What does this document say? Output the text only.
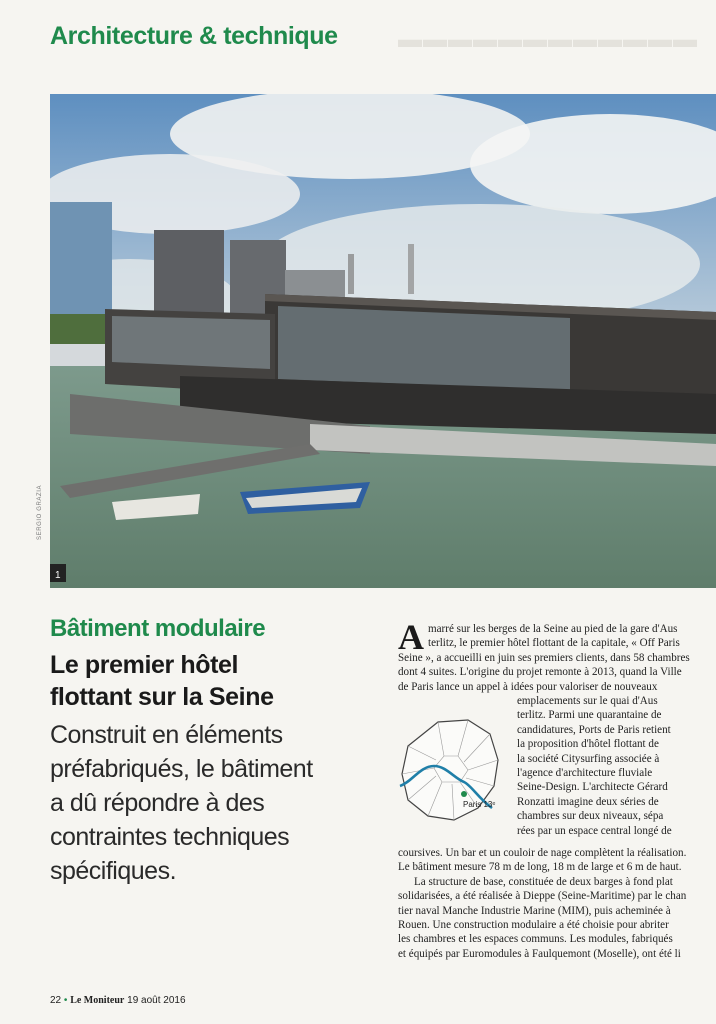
Architecture & technique	▬▬▬▬▬▬▬▬▬▬▬▬
1
SERGIO GRAZIA
Bâtiment modulaire
Le premier hôtel
flottant sur la Seine
Construit en éléments
préfabriqués, le bâtiment
a dû répondre à des
contraintes techniques
spécifiques.
A marré sur les berges de la Seine au pied de la gare d'Aus
terlitz, le premier hôtel flottant de la capitale, « Off Paris
Seine », a accueilli en juin ses premiers clients, dans 58 chambres
dont 4 suites. L'origine du projet remonte à 2013, quand la Ville
de Paris lance un appel à idées pour valoriser de nouveaux
emplacements sur le quai d'Aus
terlitz. Parmi une quarantaine de
candidatures, Ports de Paris retient
la proposition d'hôtel flottant de
la société Citysurfing associée à
l'agence d'architecture fluviale
Seine-Design. L'architecte Gérard
Ronzatti imagine deux séries de
chambres sur deux niveaux, sépa
rées par un espace central longé de
Paris 13ᵉ
coursives. Un bar et un couloir de nage complètent la réalisation.
Le bâtiment mesure 78 m de long, 18 m de large et 6 m de haut.
La structure de base, constituée de deux barges à fond plat
solidarisées, a été réalisée à Dieppe (Seine-Maritime) par le chan
tier naval Manche Industrie Marine (MIM), puis acheminée à
Rouen. Une construction modulaire a été choisie pour abriter
les chambres et les espaces communs. Les modules, fabriqués
et équipés par Euromodules à Faulquemont (Moselle), ont été li
22 • Le Moniteur 19 août 2016
